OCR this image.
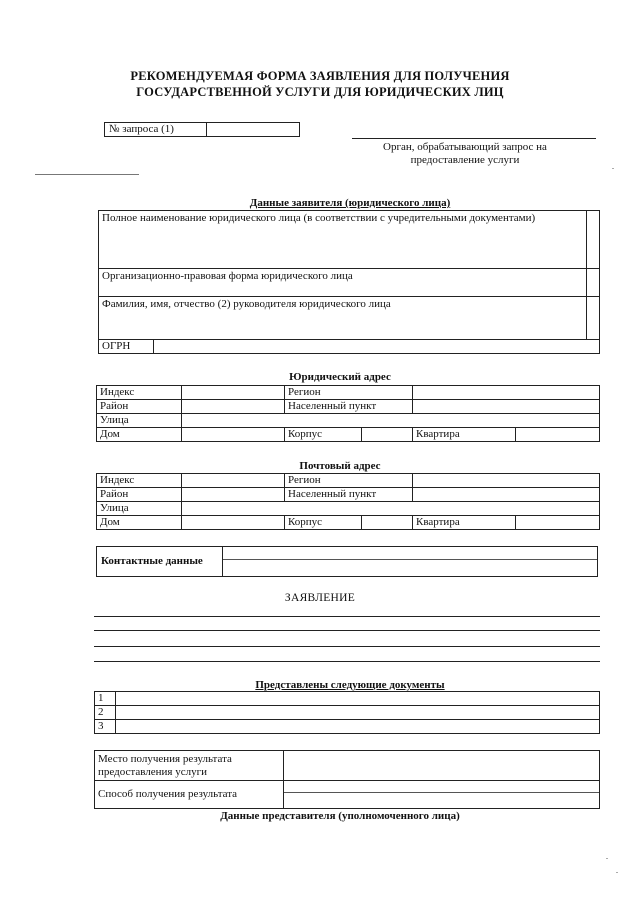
РЕКОМЕНДУЕМАЯ ФОРМА ЗАЯВЛЕНИЯ ДЛЯ ПОЛУЧЕНИЯ
ГОСУДАРСТВЕННОЙ УСЛУГИ ДЛЯ ЮРИДИЧЕСКИХ ЛИЦ
№ запроса (1)	
Орган, обрабатывающий запрос на
предоставление услуги
Данные заявителя (юридического лица)
Полное наименование юридического лица (в соответствии с учредительными документами)		
Организационно-правовая форма юридического лица		
Фамилия, имя, отчество (2) руководителя юридического лица		
ОГРН		
Юридический адрес
Индекс		Регион			
Район		Населенный пункт			
Улица					
Дом		Корпус		Квартира	
Почтовый адрес
Индекс		Регион			
Район		Населенный пункт			
Улица					
Дом		Корпус		Квартира	
Контактные данные	
ЗАЯВЛЕНИЕ
Представлены следующие документы
1	
2	
3	
Место получения результата предоставления услуги	
Способ получения результата	
Данные представителя (уполномоченного лица)
